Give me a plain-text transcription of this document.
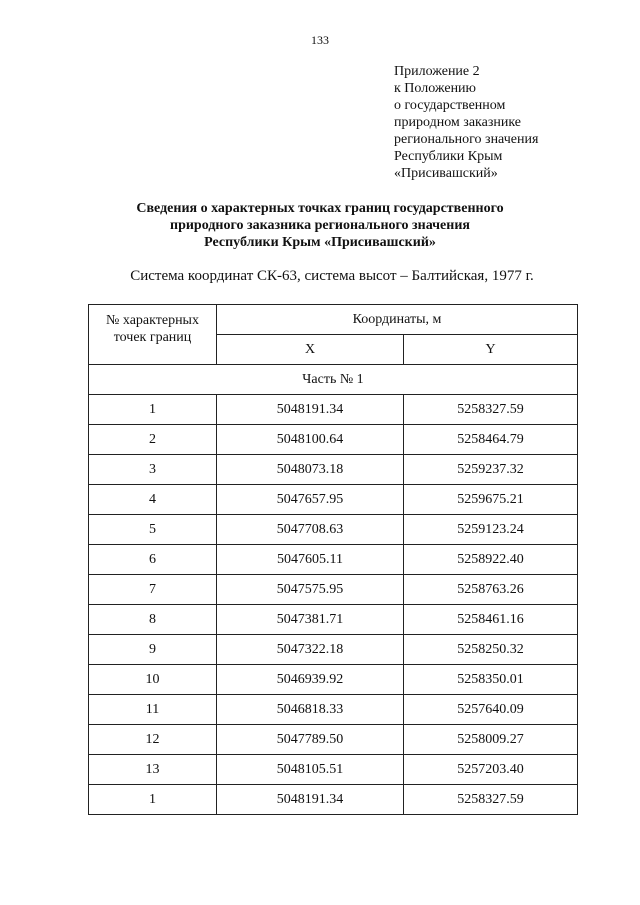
133
Приложение 2
к Положению
о государственном
природном заказнике
регионального значения
Республики Крым
«Присивашский»
Сведения о характерных точках границ государственного
природного заказника регионального значения
Республики Крым «Присивашский»
Система координат СК-63, система высот – Балтийская, 1977 г.
№ характерных
точек границ	Координаты, м	
	X	Y
Часть № 1		
1	5048191.34	5258327.59
2	5048100.64	5258464.79
3	5048073.18	5259237.32
4	5047657.95	5259675.21
5	5047708.63	5259123.24
6	5047605.11	5258922.40
7	5047575.95	5258763.26
8	5047381.71	5258461.16
9	5047322.18	5258250.32
10	5046939.92	5258350.01
11	5046818.33	5257640.09
12	5047789.50	5258009.27
13	5048105.51	5257203.40
1	5048191.34	5258327.59
